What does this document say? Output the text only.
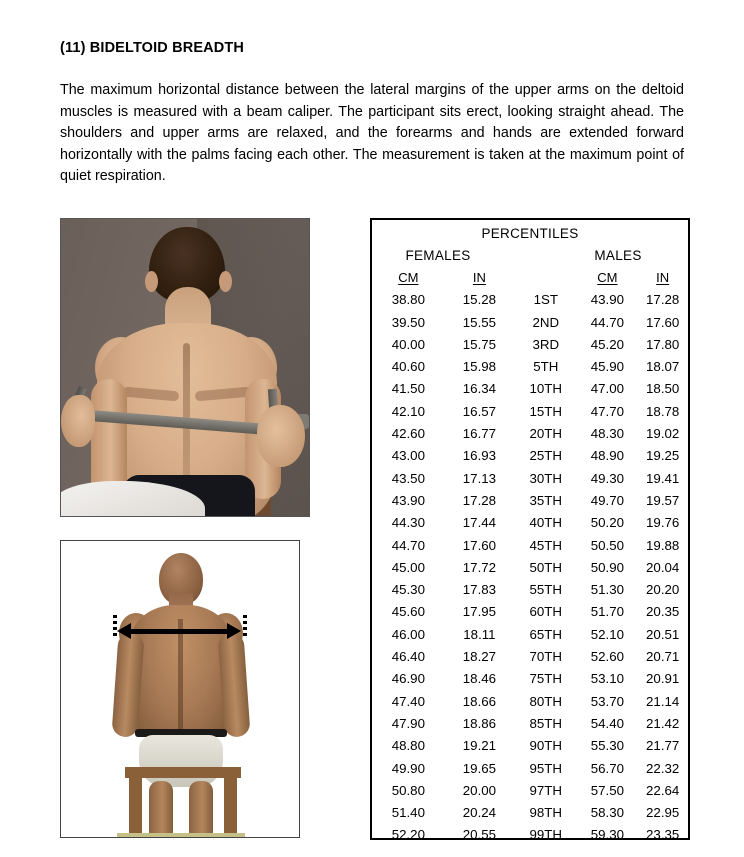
(11) BIDELTOID BREADTH
The maximum horizontal distance between the lateral margins of the upper arms on the deltoid muscles is measured with a beam caliper. The participant sits erect, looking straight ahead. The shoulders and upper arms are relaxed, and the forearms and hands are extended forward horizontally with the palms facing each other. The measurement is taken at the maximum point of quiet respiration.
PERCENTILES
FEMALES	MALES
CM	IN	CM	IN
38.80	15.28	1ST	43.90	17.28
39.50	15.55	2ND	44.70	17.60
40.00	15.75	3RD	45.20	17.80
40.60	15.98	5TH	45.90	18.07
41.50	16.34	10TH	47.00	18.50
42.10	16.57	15TH	47.70	18.78
42.60	16.77	20TH	48.30	19.02
43.00	16.93	25TH	48.90	19.25
43.50	17.13	30TH	49.30	19.41
43.90	17.28	35TH	49.70	19.57
44.30	17.44	40TH	50.20	19.76
44.70	17.60	45TH	50.50	19.88
45.00	17.72	50TH	50.90	20.04
45.30	17.83	55TH	51.30	20.20
45.60	17.95	60TH	51.70	20.35
46.00	18.11	65TH	52.10	20.51
46.40	18.27	70TH	52.60	20.71
46.90	18.46	75TH	53.10	20.91
47.40	18.66	80TH	53.70	21.14
47.90	18.86	85TH	54.40	21.42
48.80	19.21	90TH	55.30	21.77
49.90	19.65	95TH	56.70	22.32
50.80	20.00	97TH	57.50	22.64
51.40	20.24	98TH	58.30	22.95
52.20	20.55	99TH	59.30	23.35
